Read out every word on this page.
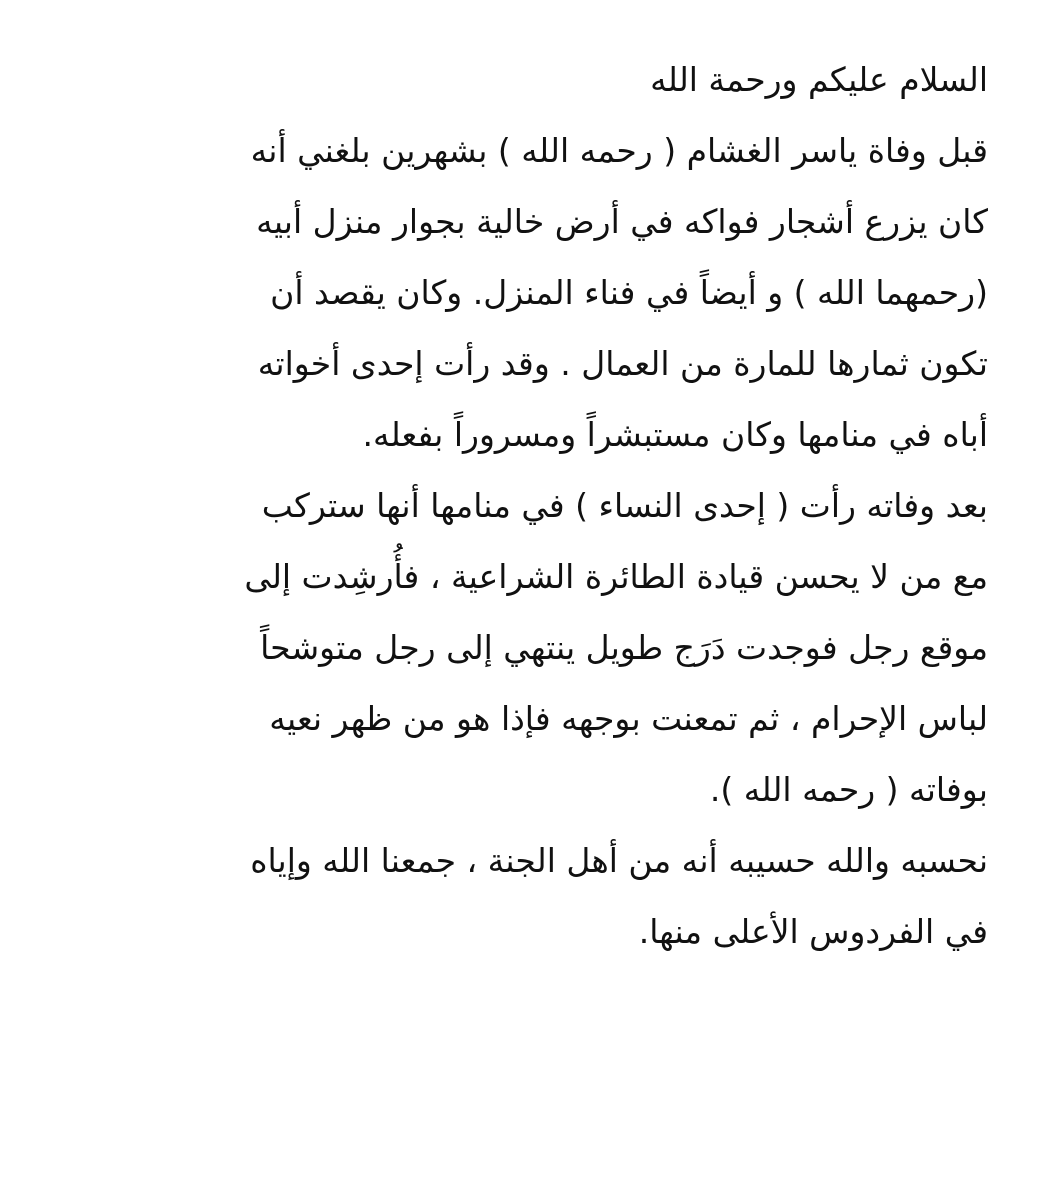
السلام عليكم ورحمة الله
قبل وفاة ياسر الغشام ( رحمه الله ) بشهرين بلغني أنه
كان يزرع أشجار فواكه في أرض خالية بجوار منزل أبيه
(رحمهما الله ) و أيضاً في فناء المنزل. وكان يقصد أن
تكون ثمارها للمارة من العمال . وقد رأت إحدى أخواته
أباه في منامها وكان مستبشراً ومسروراً بفعله.
بعد وفاته رأت ( إحدى النساء ) في منامها أنها ستركب
مع من لا يحسن قيادة الطائرة الشراعية ، فأُرشِدت إلى
موقع رجل فوجدت دَرَج طويل ينتهي إلى رجل متوشحاً
لباس الإحرام ، ثم تمعنت بوجهه فإذا هو من ظهر نعيه
بوفاته ( رحمه الله ).
نحسبه والله حسيبه أنه من أهل الجنة ، جمعنا الله وإياه
في الفردوس الأعلى منها.
